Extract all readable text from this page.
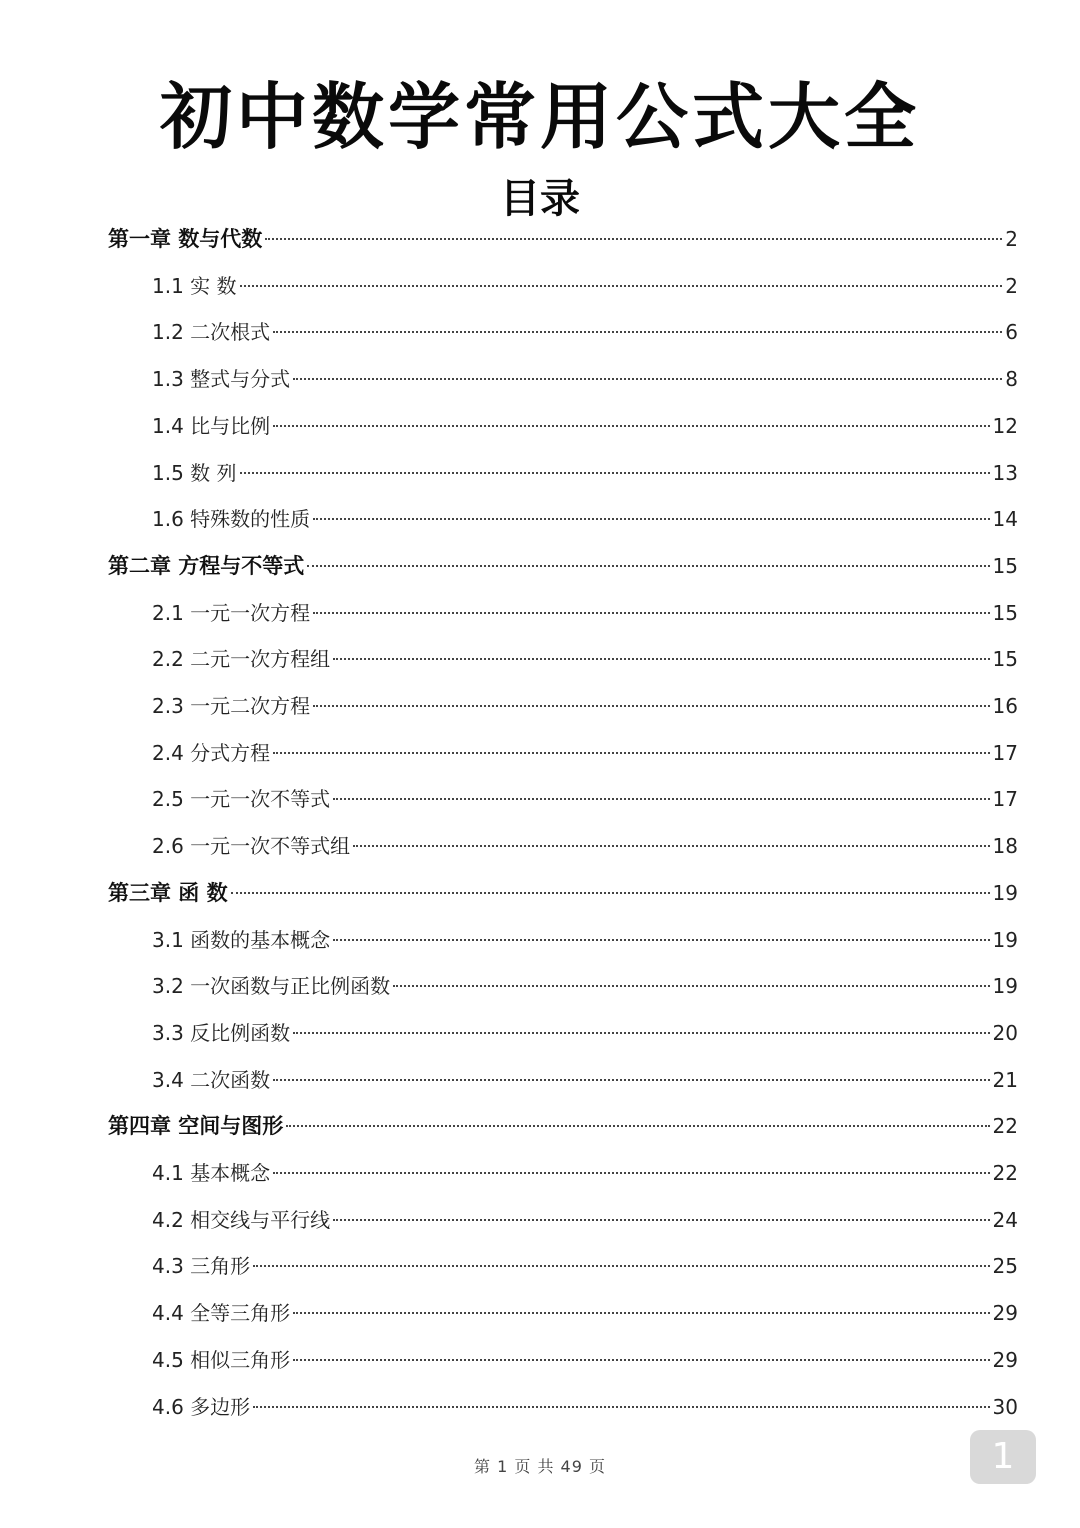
初中数学常用公式大全
目录
第一章 数与代数	2
1.1 实 数	2
1.2 二次根式	6
1.3 整式与分式	8
1.4 比与比例	12
1.5 数 列	13
1.6 特殊数的性质	14
第二章 方程与不等式	15
2.1 一元一次方程	15
2.2 二元一次方程组	15
2.3 一元二次方程	16
2.4 分式方程	17
2.5 一元一次不等式	17
2.6 一元一次不等式组	18
第三章 函 数	19
3.1 函数的基本概念	19
3.2 一次函数与正比例函数	19
3.3 反比例函数	20
3.4 二次函数	21
第四章 空间与图形	22
4.1 基本概念	22
4.2 相交线与平行线	24
4.3 三角形	25
4.4 全等三角形	29
4.5 相似三角形	29
4.6 多边形	30
第 1 页 共 49 页	1
